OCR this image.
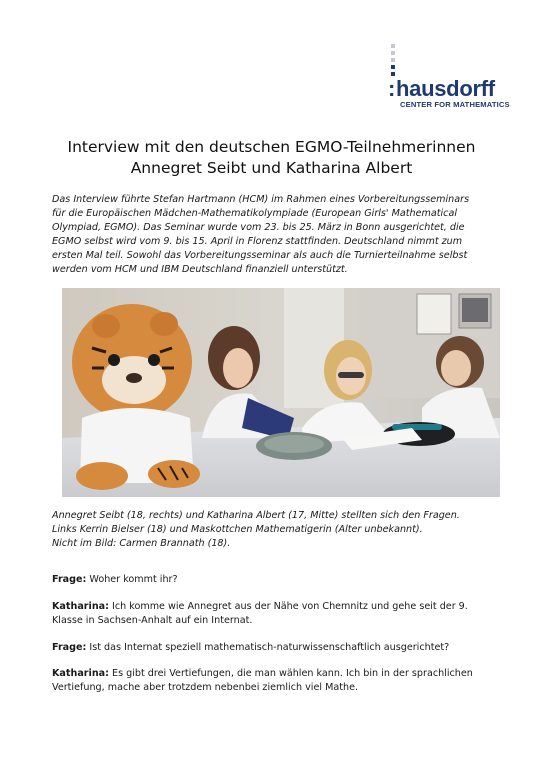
:hausdorff
CENTER FOR MATHEMATICS
Interview mit den deutschen EGMO-Teilnehmerinnen
Annegret Seibt und Katharina Albert
Das Interview führte Stefan Hartmann (HCM) im Rahmen eines Vorbereitungsseminars
für die Europäischen Mädchen-Mathematikolympiade (European Girls' Mathematical
Olympiad, EGMO). Das Seminar wurde vom 23. bis 25. März in Bonn ausgerichtet, die
EGMO selbst wird vom 9. bis 15. April in Florenz stattfinden. Deutschland nimmt zum
ersten Mal teil. Sowohl das Vorbereitungsseminar als auch die Turnierteilnahme selbst
werden vom HCM und IBM Deutschland finanziell unterstützt.
Annegret Seibt (18, rechts) und Katharina Albert (17, Mitte) stellten sich den Fragen.
Links Kerrin Bielser (18) und Maskottchen Mathematigerin (Alter unbekannt).
Nicht im Bild: Carmen Brannath (18).
Frage: Woher kommt ihr?
Katharina: Ich komme wie Annegret aus der Nähe von Chemnitz und gehe seit der 9.
Klasse in Sachsen-Anhalt auf ein Internat.
Frage: Ist das Internat speziell mathematisch-naturwissenschaftlich ausgerichtet?
Katharina: Es gibt drei Vertiefungen, die man wählen kann. Ich bin in der sprachlichen
Vertiefung, mache aber trotzdem nebenbei ziemlich viel Mathe.
